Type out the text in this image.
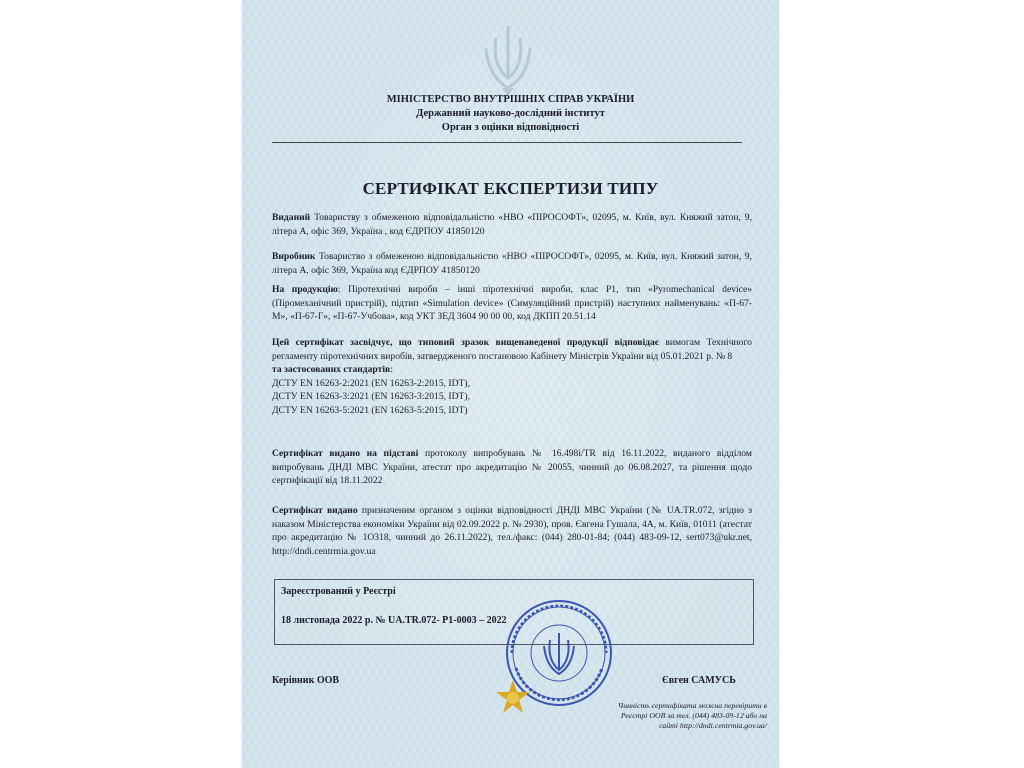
МІНІСТЕРСТВО ВНУТРІШНІХ СПРАВ УКРАЇНИ
Державний науково-дослідний інститут
Орган з оцінки відповідності
СЕРТИФІКАТ ЕКСПЕРТИЗИ ТИПУ
Виданий Товариству з обмеженою відповідальністю «НВО «ПІРОСОФТ», 02095, м. Київ, вул. Княжий затон, 9, літера А, офіс 369, Україна , код ЄДРПОУ 41850120
Виробник Товариство з обмеженою відповідальністю «НВО «ПІРОСОФТ», 02095, м. Київ, вул. Княжий затон, 9, літера А, офіс 369, Україна код ЄДРПОУ 41850120
На продукцію: Піротехнічні вироби – інші піротехнічні вироби, клас Р1, тип «Pyromechanical device» (Піромеханічний пристрій), підтип «Simulation device» (Симуляційний пристрій) наступних найменувань: «П-67-М», «П-67-Г», «П-67-Учбова», код УКТ ЗЕД 3604 90 00 00, код ДКПП 20.51.14
Цей сертифікат засвідчує, що типовий зразок вищенаведеної продукції відповідає вимогам Технічного регламенту піротехнічних виробів, затвердженого постановою Кабінету Міністрів України від 05.01.2021 р. № 8
та застосованих стандартів:
ДСТУ EN 16263-2:2021 (EN 16263-2:2015, IDT),
ДСТУ EN 16263-3:2021 (EN 16263-3:2015, IDT),
ДСТУ EN 16263-5:2021 (EN 16263-5:2015, IDT)
Сертифікат видано на підставі протоколу випробувань № 16.498і/TR від 16.11.2022, виданого відділом випробувань ДНДІ МВС України, атестат про акредитацію № 20055, чинний до 06.08.2027, та рішення щодо сертифікації від 18.11.2022
Сертифікат видано призначеним органом з оцінки відповідності ДНДІ МВС України (№ UA.TR.072, згідно з наказом Міністерства економіки України від 02.09.2022 р. № 2930), пров. Євгена Гушала, 4А, м. Київ, 01011 (атестат про акредитацію № 1О318, чинний до 26.11.2022), тел./факс: (044) 280-01-84; (044) 483-09-12, sert073@ukr.net, http://dndi.centrmia.gov.ua
Зареєстрований у Реєстрі
18 листопада 2022 р. № UA.TR.072- Р1-0003 – 2022
Керівник ООВ	Євген САМУСЬ
Чинність сертифіката можна перевірити в Реєстрі ООВ за тел. (044) 483-09-12 або на сайті http://dndi.centrmia.gov.ua/
